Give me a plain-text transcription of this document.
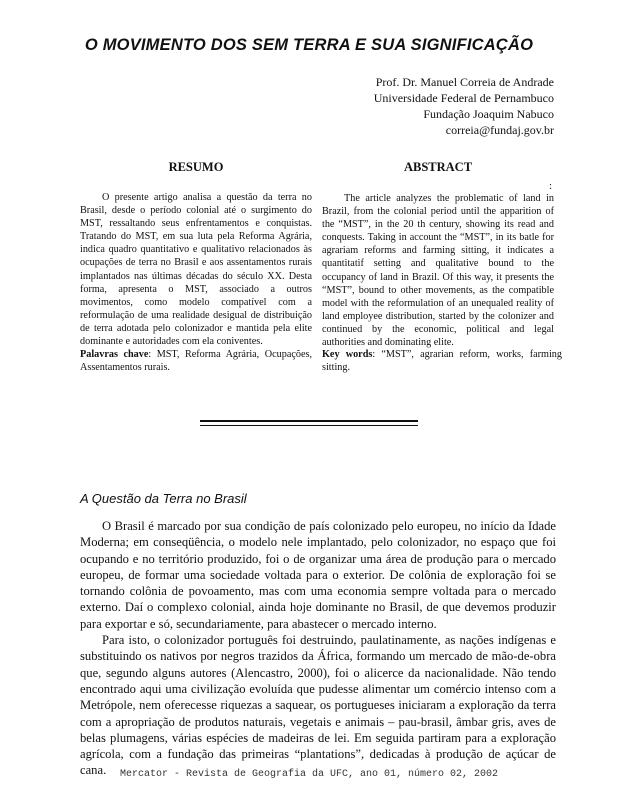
O MOVIMENTO DOS SEM TERRA E SUA SIGNIFICAÇÃO
Prof. Dr. Manuel Correia de Andrade
Universidade Federal de Pernambuco
Fundação Joaquim Nabuco
correia@fundaj.gov.br
RESUMO	ABSTRACT
:

O presente artigo analisa a questão da terra no Brasil, desde o período colonial até o surgimento do MST, ressaltando seus enfrentamentos e conquistas. Tratando do MST, em sua luta pela Reforma Agrária, indica quadro quantitativo e qualitativo relacionados às ocupações de terra no Brasil e aos assentamentos rurais implantados nas últimas décadas do século XX. Desta forma, apresenta o MST, associado a outros movimentos, como modelo compatível com a reformulação de uma realidade desigual de distribuição de terra adotada pelo colonizador e mantida pela elite dominante e autoridades com ela coniventes.

The article analyzes the problematic of land in Brazil, from the colonial period until the apparition of the “MST”, in the 20 th century, showing its read and conquests. Taking in account the “MST”, in its batle for agrariam reforms and farming sitting, it indicates a quantitatif setting and qualitative bound to the occupancy of land in Brazil. Of this way, it presents the “MST”, bound to other movements, as the compatible model with the reformulation of an unequaled reality of land employee distribution, started by the colonizer and continued by the economic, political and legal authorities and dominating elite.

Palavras chave: MST, Reforma Agrária, Ocupações, Assentamentos rurais.
Key words: “MST”, agrarian reform, works, farming sitting.
A Questão da Terra no Brasil

O Brasil é marcado por sua condição de país colonizado pelo europeu, no início da Idade Moderna; em conseqüência, o modelo nele implantado, pelo colonizador, no espaço que foi ocupando e no território produzido, foi o de organizar uma área de produção para o mercado europeu, de formar uma sociedade voltada para o exterior. De colônia de exploração foi se tornando colônia de povoamento, mas com uma economia sempre voltada para o mercado externo. Daí o complexo colonial, ainda hoje dominante no Brasil, de que devemos produzir para exportar e só, secundariamente, para abastecer o mercado interno.

Para isto, o colonizador português foi destruindo, paulatinamente, as nações indígenas e substituindo os nativos por negros trazidos da África, formando um mercado de mão-de-obra que, segundo alguns autores (Alencastro, 2000), foi o alicerce da nacionalidade. Não tendo encontrado aqui uma civilização evoluída que pudesse alimentar um comércio intenso com a Metrópole, nem oferecesse riquezas a saquear, os portugueses iniciaram a exploração da terra com a apropriação de produtos naturais, vegetais e animais – pau-brasil, âmbar gris, aves de belas plumagens, várias espécies de madeiras de lei. Em seguida partiram para a exploração agrícola, com a fundação das primeiras “plantations”, dedicadas à produção de açúcar de cana.	Mercator - Revista de Geografia da UFC, ano 01, número 02, 2002
